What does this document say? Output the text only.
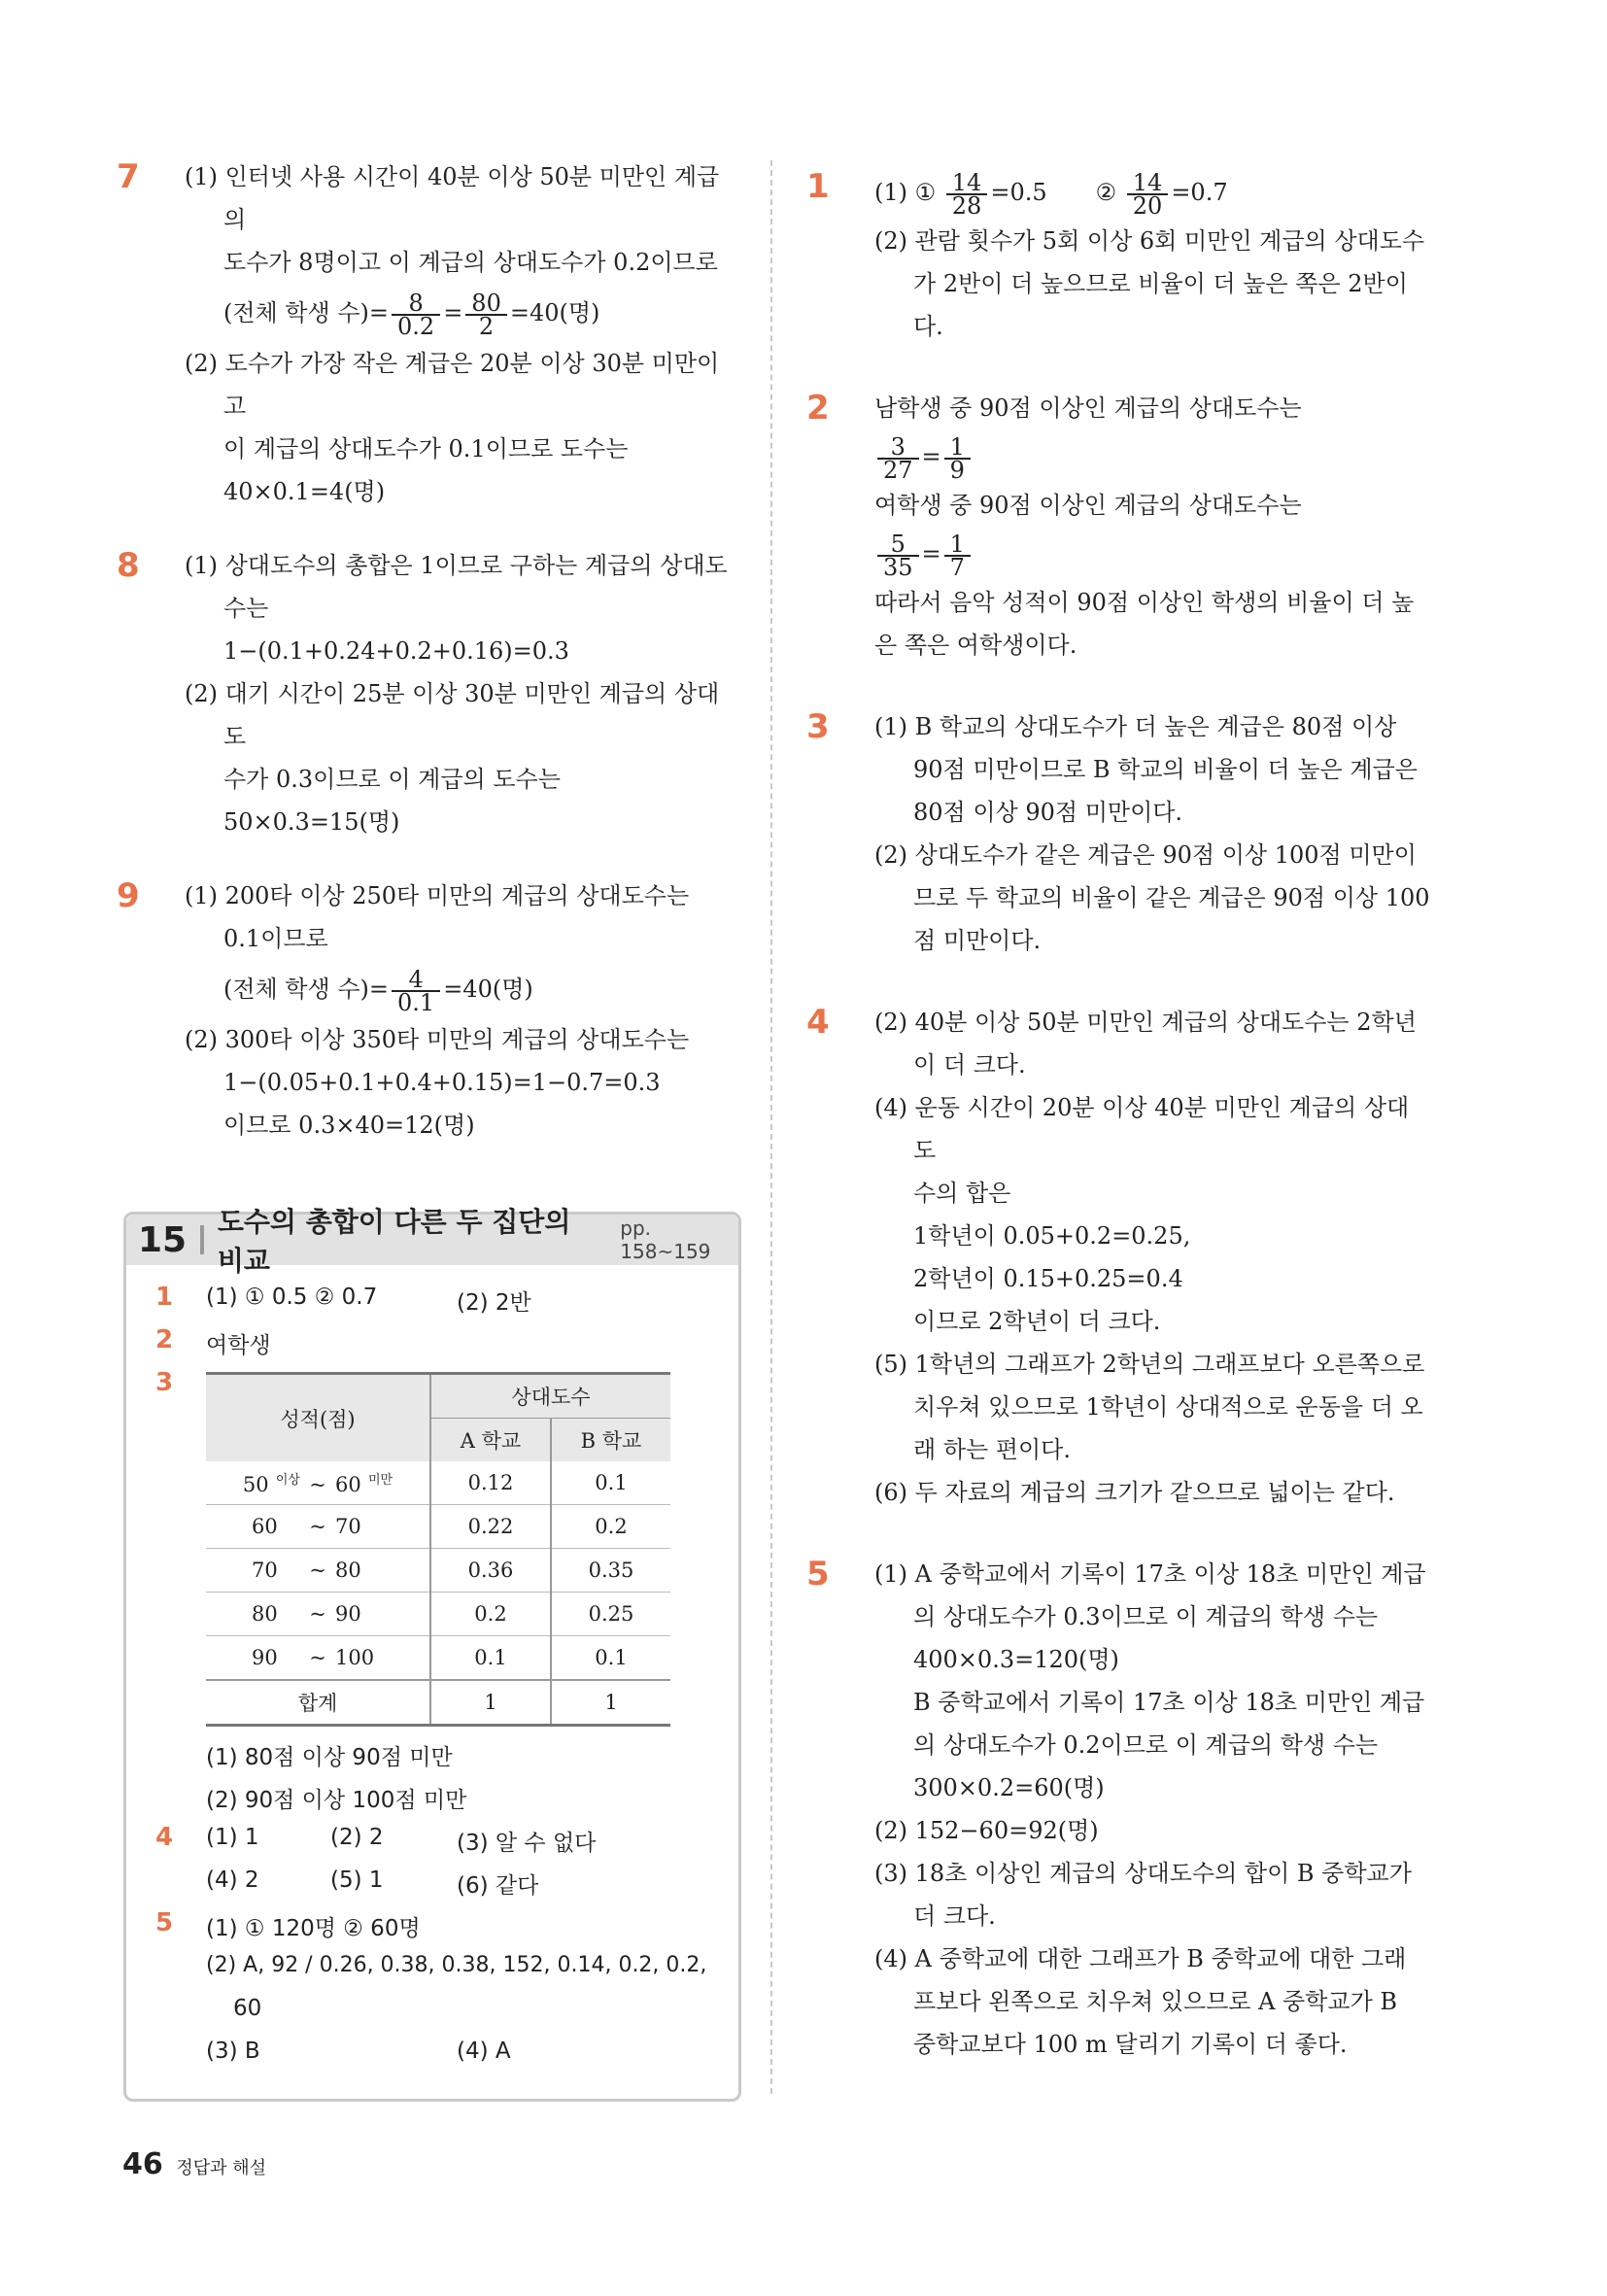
7 (1) 인터넷 사용 시간이 40분 이상 50분 미만인 계급의
도수가 8명이고 이 계급의 상대도수가 0.2이므로
(전체 학생 수)= $\frac{8}{0.2} = \frac{80}{2} =40$(명)
(2) 도수가 가장 작은 계급은 20분 이상 30분 미만이고
이 계급의 상대도수가 0.1이므로 도수는
40×0.1=4(명)
8 (1) 상대도수의 총합은 1이므로 구하는 계급의 상대도
수는
1−(0.1+0.24+0.2+0.16)=0.3
(2) 대기 시간이 25분 이상 30분 미만인 계급의 상대도
수가 0.3이므로 이 계급의 도수는
50×0.3=15(명)
9 (1) 200타 이상 250타 미만의 계급의 상대도수는
0.1이므로
(전체 학생 수)= $\frac{4}{0.1} =40$(명)
(2) 300타 이상 350타 미만의 계급의 상대도수는
1−(0.05+0.1+0.4+0.15)=1−0.7=0.3
이므로 0.3×40=12(명)
15 도수의 총합이 다른 두 집단의 비교
pp. 158~159
1 (1) ① 0.5 ② 0.7	(2) 2반
2 여학생
3
성적(점)	상대도수	
	A 학교	B 학교
50 $^{이상}$ ~ 60 $^{미만}$	0.12	0.1
60 ~ 70	0.22	0.2
70 ~ 80	0.36	0.35
80 ~ 90	0.2	0.25
90 ~ 100	0.1	0.1
합계	1	1
(1) 80점 이상 90점 미만
(2) 90점 이상 100점 미만
4 (1) 1	(2) 2	(3) 알 수 없다
(4) 2	(5) 1	(6) 같다
5 (1) ① 120명 ② 60명
(2) A, 92 / 0.26, 0.38, 0.38, 152, 0.14, 0.2, 0.2,
60
(3) B	(4) A
1 (1) ① $\frac{14}{28} =0.5$ ② $\frac{14}{20} =0.7$
(2) 관람 횟수가 5회 이상 6회 미만인 계급의 상대도수
가 2반이 더 높으므로 비율이 더 높은 쪽은 2반이
다.
2 남학생 중 90점 이상인 계급의 상대도수는
$\frac{3}{27} = \frac{1}{9}$
여학생 중 90점 이상인 계급의 상대도수는
$\frac{5}{35} = \frac{1}{7}$
따라서 음악 성적이 90점 이상인 학생의 비율이 더 높
은 쪽은 여학생이다.
3 (1) B 학교의 상대도수가 더 높은 계급은 80점 이상
90점 미만이므로 B 학교의 비율이 더 높은 계급은
80점 이상 90점 미만이다.
(2) 상대도수가 같은 계급은 90점 이상 100점 미만이
므로 두 학교의 비율이 같은 계급은 90점 이상 100
점 미만이다.
4 (2) 40분 이상 50분 미만인 계급의 상대도수는 2학년
이 더 크다.
(4) 운동 시간이 20분 이상 40분 미만인 계급의 상대도
수의 합은
1학년이 0.05+0.2=0.25,
2학년이 0.15+0.25=0.4
이므로 2학년이 더 크다.
(5) 1학년의 그래프가 2학년의 그래프보다 오른쪽으로
치우쳐 있으므로 1학년이 상대적으로 운동을 더 오
래 하는 편이다.
(6) 두 자료의 계급의 크기가 같으므로 넓이는 같다.
5 (1) A 중학교에서 기록이 17초 이상 18초 미만인 계급
의 상대도수가 0.3이므로 이 계급의 학생 수는
400×0.3=120(명)
B 중학교에서 기록이 17초 이상 18초 미만인 계급
의 상대도수가 0.2이므로 이 계급의 학생 수는
300×0.2=60(명)
(2) 152−60=92(명)
(3) 18초 이상인 계급의 상대도수의 합이 B 중학교가
더 크다.
(4) A 중학교에 대한 그래프가 B 중학교에 대한 그래
프보다 왼쪽으로 치우쳐 있으므로 A 중학교가 B
중학교보다 100 m 달리기 기록이 더 좋다.
46 정답과 해설
